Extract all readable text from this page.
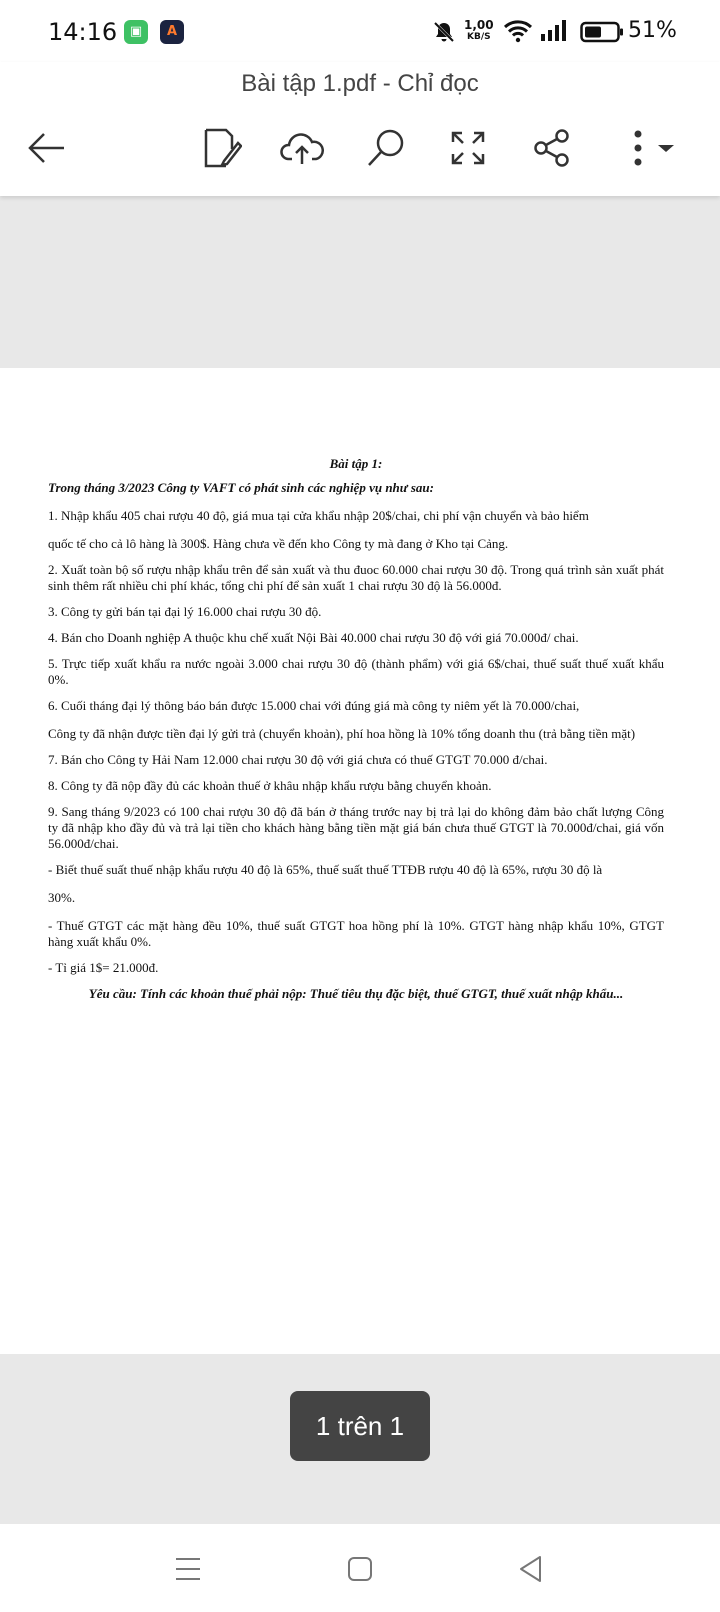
14:16 ▣	A	1,00
KB/S	51%
Bài tập 1.pdf - Chỉ đọc

Bài tập 1:

Trong tháng 3/2023 Công ty VAFT có phát sinh các nghiệp vụ như sau:

1. Nhập khẩu 405 chai rượu 40 độ, giá mua tại cửa khẩu nhập 20$/chai, chi phí vận chuyển và bảo hiểm

quốc tế cho cả lô hàng là 300$. Hàng chưa về đến kho Công ty mà đang ở Kho tại Cảng.

2. Xuất toàn bộ số rượu nhập khẩu trên để sản xuất và thu đuoc 60.000 chai rượu 30 độ. Trong quá trình sản xuất phát sinh thêm rất nhiều chi phí khác, tổng chi phí để sản xuất 1 chai rượu 30 độ là 56.000đ.

3. Công ty gửi bán tại đại lý 16.000 chai rượu 30 độ.

4. Bán cho Doanh nghiệp A thuộc khu chế xuất Nội Bài 40.000 chai rượu 30 độ với giá 70.000đ/ chai.

5. Trực tiếp xuất khẩu ra nước ngoài 3.000 chai rượu 30 độ (thành phẩm) với giá 6$/chai, thuế suất thuế xuất khẩu 0%.

6. Cuối tháng đại lý thông báo bán được 15.000 chai với đúng giá mà công ty niêm yết là 70.000/chai,

Công ty đã nhận được tiền đại lý gửi trả (chuyển khoản), phí hoa hồng là 10% tổng doanh thu (trả bằng tiền mặt)

7. Bán cho Công ty Hải Nam 12.000 chai rượu 30 độ với giá chưa có thuế GTGT 70.000 đ/chai.

8. Công ty đã nộp đầy đủ các khoản thuế ở khâu nhập khẩu rượu bằng chuyển khoản.

9. Sang tháng 9/2023 có 100 chai rượu 30 độ đã bán ở tháng trước nay bị trả lại do không đảm bảo chất lượng Công ty đã nhập kho đầy đủ và trả lại tiền cho khách hàng bằng tiền mặt giá bán chưa thuế GTGT là 70.000đ/chai, giá vốn 56.000đ/chai.

- Biết thuế suất thuế nhập khẩu rượu 40 độ là 65%, thuế suất thuế TTĐB rượu 40 độ là 65%, rượu 30 độ là

30%.

- Thuế GTGT các mặt hàng đều 10%, thuế suất GTGT hoa hồng phí là 10%. GTGT hàng nhập khẩu 10%, GTGT hàng xuất khẩu 0%.

- Tỉ giá 1$= 21.000đ.

Yêu cầu: Tính các khoản thuế phải nộp: Thuế tiêu thụ đặc biệt, thuế GTGT, thuế xuất nhập khẩu...

1 trên 1
